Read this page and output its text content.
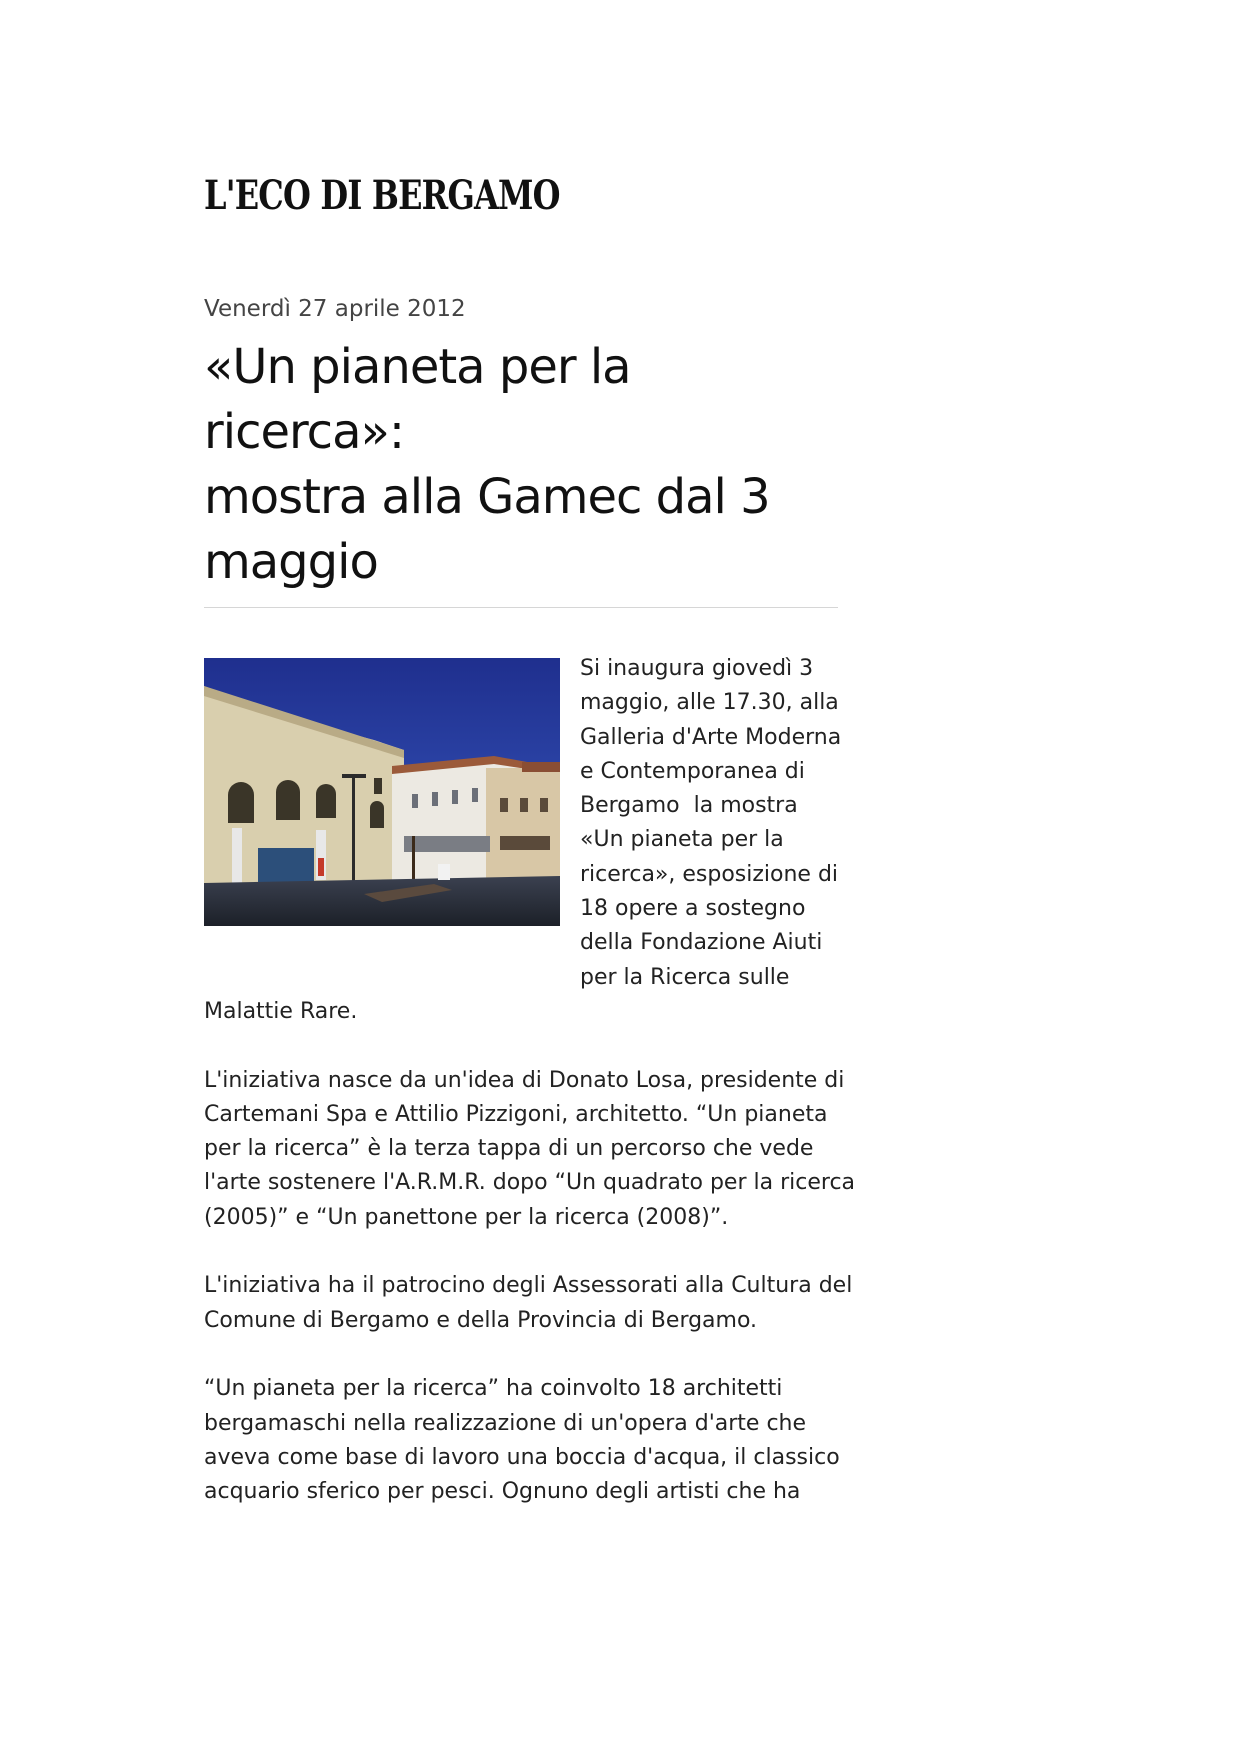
L'ECO DI BERGAMO

Venerdì 27 aprile 2012

«Un pianeta per la
ricerca»:
mostra alla Gamec dal 3
maggio

Si inaugura giovedì 3

maggio, alle 17.30, alla

Galleria d'Arte Moderna

e Contemporanea di

Bergamo  la mostra

«Un pianeta per la

ricerca», esposizione di

18 opere a sostegno

della Fondazione Aiuti

per la Ricerca sulle

Malattie Rare.

L'iniziativa nasce da un'idea di Donato Losa, presidente di

Cartemani Spa e Attilio Pizzigoni, architetto. “Un pianeta

per la ricerca” è la terza tappa di un percorso che vede

l'arte sostenere l'A.R.M.R. dopo “Un quadrato per la ricerca

(2005)” e “Un panettone per la ricerca (2008)”.

L'iniziativa ha il patrocino degli Assessorati alla Cultura del

Comune di Bergamo e della Provincia di Bergamo.

“Un pianeta per la ricerca” ha coinvolto 18 architetti

bergamaschi nella realizzazione di un'opera d'arte che

aveva come base di lavoro una boccia d'acqua, il classico

acquario sferico per pesci. Ognuno degli artisti che ha
